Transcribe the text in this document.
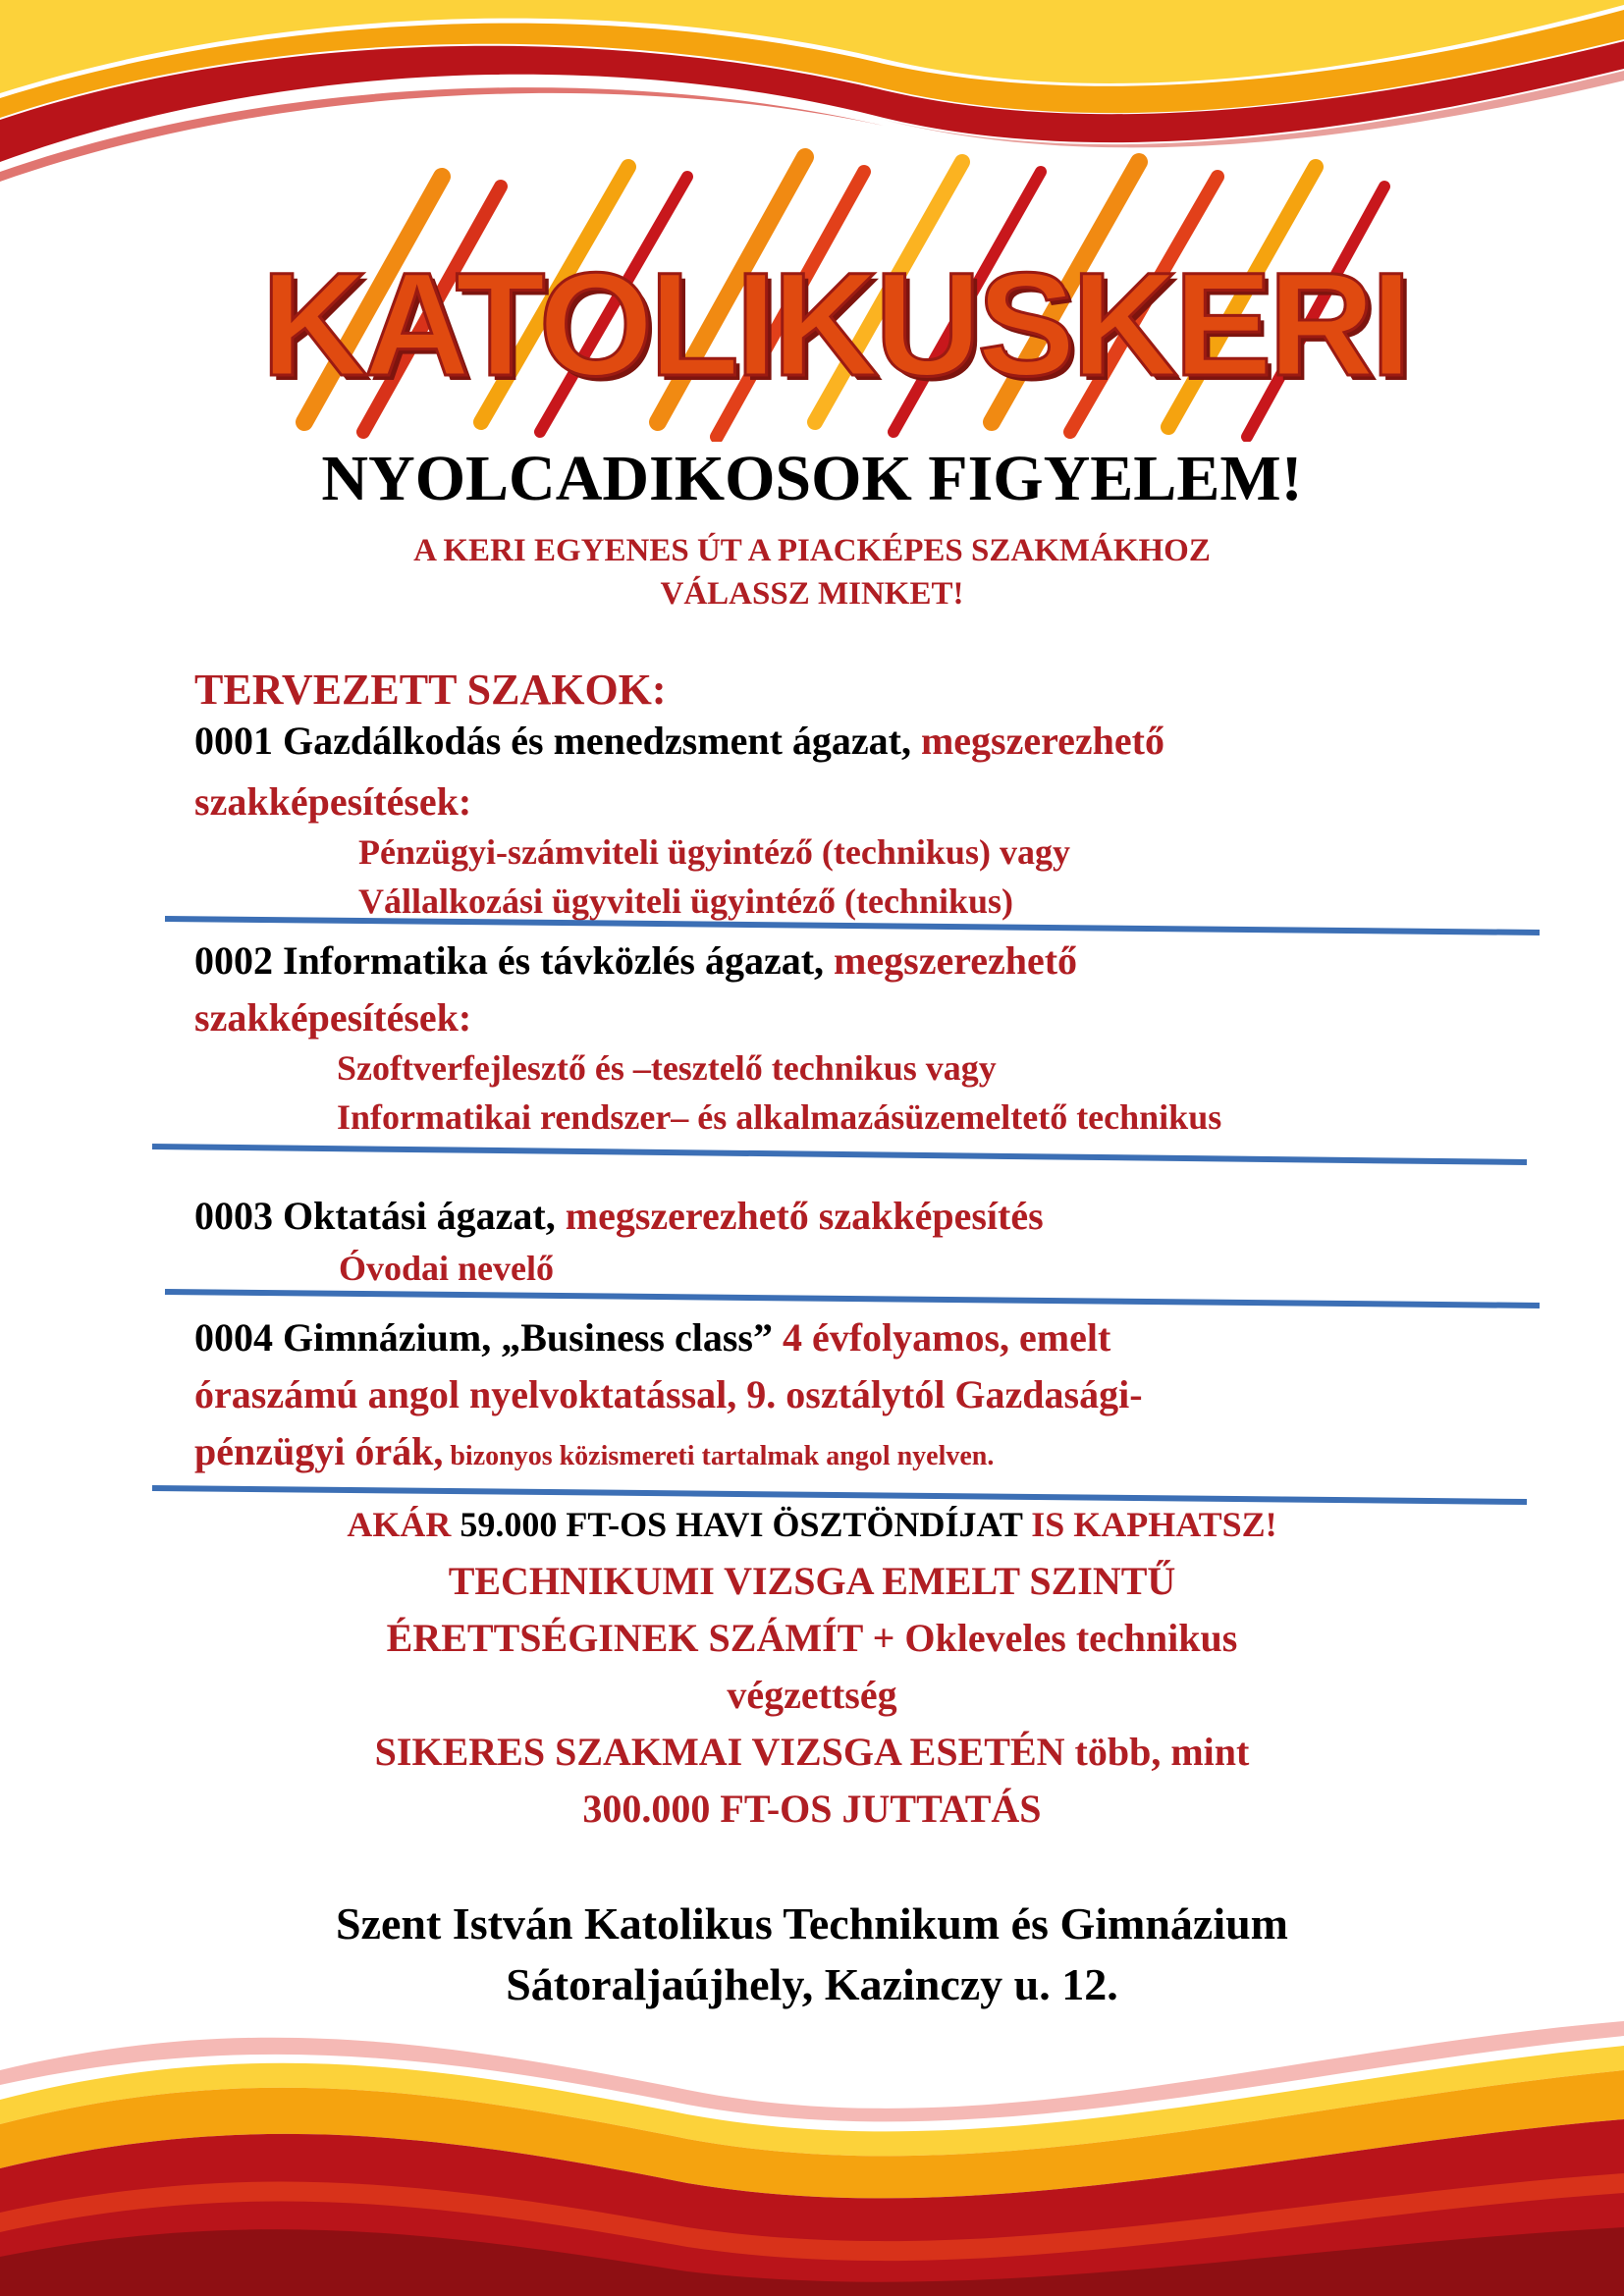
KATOLIKUSKERI
NYOLCADIKOSOK FIGYELEM!
A KERI EGYENES ÚT A PIACKÉPES SZAKMÁKHOZ
VÁLASSZ MINKET!
TERVEZETT SZAKOK:
0001 Gazdálkodás és menedzsment ágazat, megszerezhető
szakképesítések:
Pénzügyi-számviteli ügyintéző (technikus) vagy
Vállalkozási ügyviteli ügyintéző (technikus)
0002 Informatika és távközlés ágazat, megszerezhető
szakképesítések:
Szoftverfejlesztő és –tesztelő technikus vagy
Informatikai rendszer– és alkalmazásüzemeltető technikus
0003 Oktatási ágazat, megszerezhető szakképesítés
Óvodai nevelő
0004 Gimnázium, „Business class” 4 évfolyamos, emelt
óraszámú angol nyelvoktatással, 9. osztálytól Gazdasági-
pénzügyi órák, bizonyos közismereti tartalmak angol nyelven.
AKÁR 59.000 FT-OS HAVI ÖSZTÖNDÍJAT IS KAPHATSZ!
TECHNIKUMI VIZSGA EMELT SZINTŰ
ÉRETTSÉGINEK SZÁMÍT + Okleveles technikus
végzettség
SIKERES SZAKMAI VIZSGA ESETÉN több, mint
300.000 FT-OS JUTTATÁS
Szent István Katolikus Technikum és Gimnázium
Sátoraljaújhely, Kazinczy u. 12.
